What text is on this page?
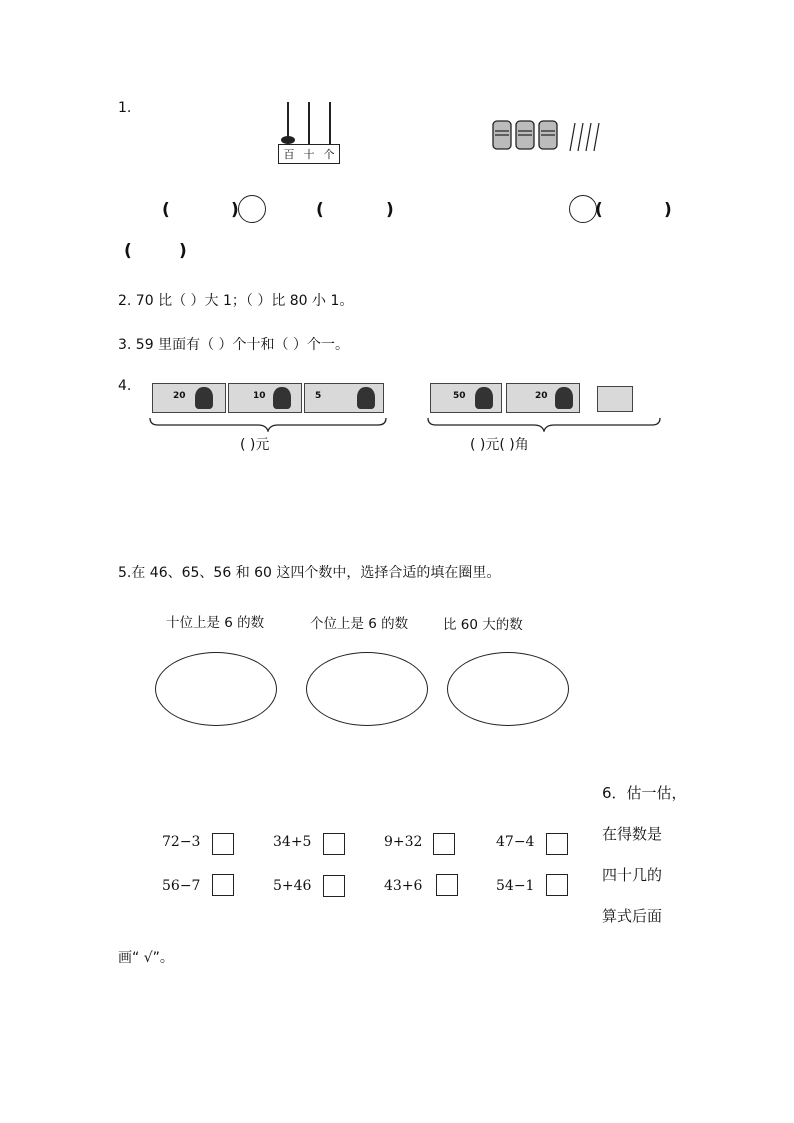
1.
百 十 个
(	)	(	)	(	)
(	)
2. 70 比（ ）大 1；（ ）比 80 小 1。
3. 59 里面有（ ）个十和（ ）个一。
4.
20	10	5
( )元
50	20
( )元( )角
5.在 46、65、56 和 60 这四个数中，选择合适的填在圈里。
十位上是 6 的数	个位上是 6 的数	比 60 大的数
6．估一估，
在得数是
四十几的
算式后面
画“ √”。
72−3	34+5	9+32	47−4
56−7	5+46	43+6	54−1
